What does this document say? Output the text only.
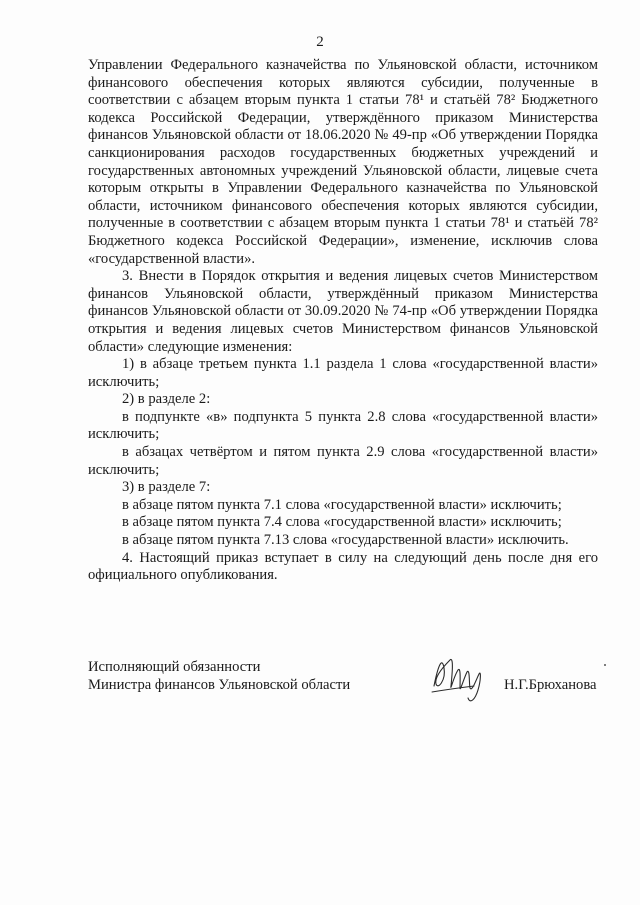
2

Управлении Федерального казначейства по Ульяновской области, источником финансового обеспечения которых являются субсидии, полученные в соответствии с абзацем вторым пункта 1 статьи 78¹ и статьёй 78² Бюджетного кодекса Российской Федерации, утверждённого приказом Министерства финансов Ульяновской области от 18.06.2020 № 49-пр «Об утверждении Порядка санкционирования расходов государственных бюджетных учреждений и государственных автономных учреждений Ульяновской области, лицевые счета которым открыты в Управлении Федерального казначейства по Ульяновской области, источником финансового обеспечения которых являются субсидии, полученные в соответствии с абзацем вторым пункта 1 статьи 78¹ и статьёй 78² Бюджетного кодекса Российской Федерации», изменение, исключив слова «государственной власти».

3. Внести в Порядок открытия и ведения лицевых счетов Министерством финансов Ульяновской области, утверждённый приказом Министерства финансов Ульяновской области от 30.09.2020 № 74-пр «Об утверждении Порядка открытия и ведения лицевых счетов Министерством финансов Ульяновской области» следующие изменения:

1) в абзаце третьем пункта 1.1 раздела 1 слова «государственной власти» исключить;

2) в разделе 2:

в подпункте «в» подпункта 5 пункта 2.8 слова «государственной власти» исключить;

в абзацах четвёртом и пятом пункта 2.9 слова «государственной власти» исключить;

3) в разделе 7:

в абзаце пятом пункта 7.1 слова «государственной власти» исключить;

в абзаце пятом пункта 7.4 слова «государственной власти» исключить;

в абзаце пятом пункта 7.13 слова «государственной власти» исключить.

4. Настоящий приказ вступает в силу на следующий день после дня его официального опубликования.

Исполняющий обязанности
Министра финансов Ульяновской области	Н.Г.Брюханова
